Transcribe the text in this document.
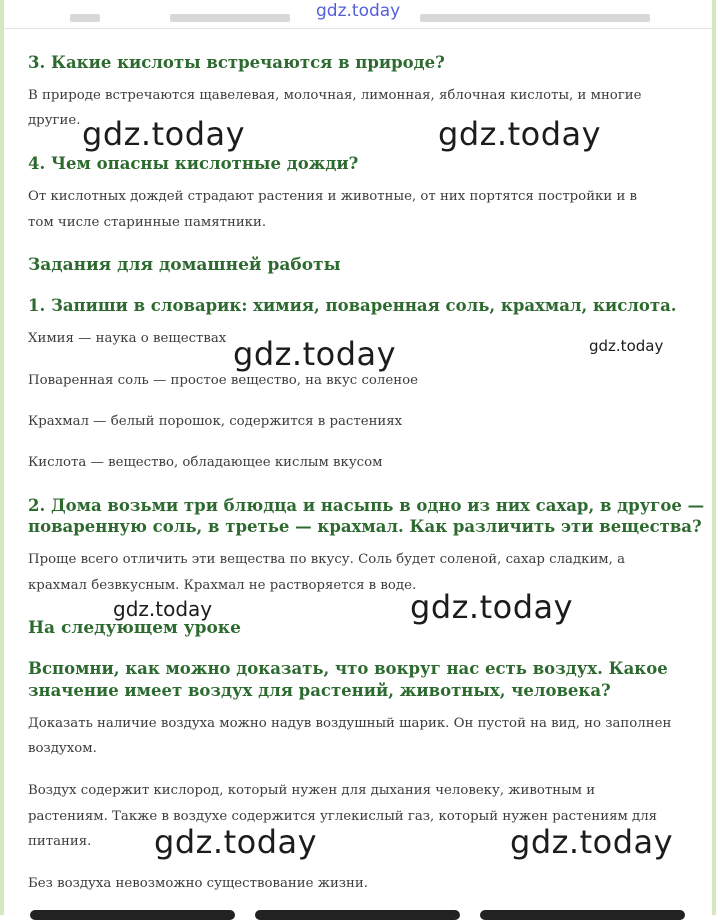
3. Какие кислоты встречаются в природе?

В природе встречаются щавелевая, молочная, лимонная, яблочная кислоты, и многие

другие.

4. Чем опасны кислотные дожди?

От кислотных дождей страдают растения и животные, от них портятся постройки и в

том числе старинные памятники.

Задания для домашней работы
1. Запиши в словарик: химия, поваренная соль, крахмал, кислота.

Химия — наука о веществах

Поваренная соль — простое вещество, на вкус соленое

Крахмал — белый порошок, содержится в растениях

Кислота — вещество, обладающее кислым вкусом

2. Дома возьми три блюдца и насыпь в одно из них сахар, в другое —
поваренную соль, в третье — крахмал. Как различить эти вещества?

Проще всего отличить эти вещества по вкусу. Соль будет соленой, сахар сладким, а

крахмал безвкусным. Крахмал не растворяется в воде.

На следующем уроке
Вспомни, как можно доказать, что вокруг нас есть воздух. Какое
значение имеет воздух для растений, животных, человека?

Доказать наличие воздуха можно надув воздушный шарик. Он пустой на вид, но заполнен

воздухом.

Воздух содержит кислород, который нужен для дыхания человеку, животным и

растениям. Также в воздухе содержится углекислый газ, который нужен растениям для

питания.

Без воздуха невозможно существование жизни.

gdz.today
gdz.today	gdz.today
gdz.today	gdz.today
gdz.today	gdz.today
gdz.today	gdz.today
